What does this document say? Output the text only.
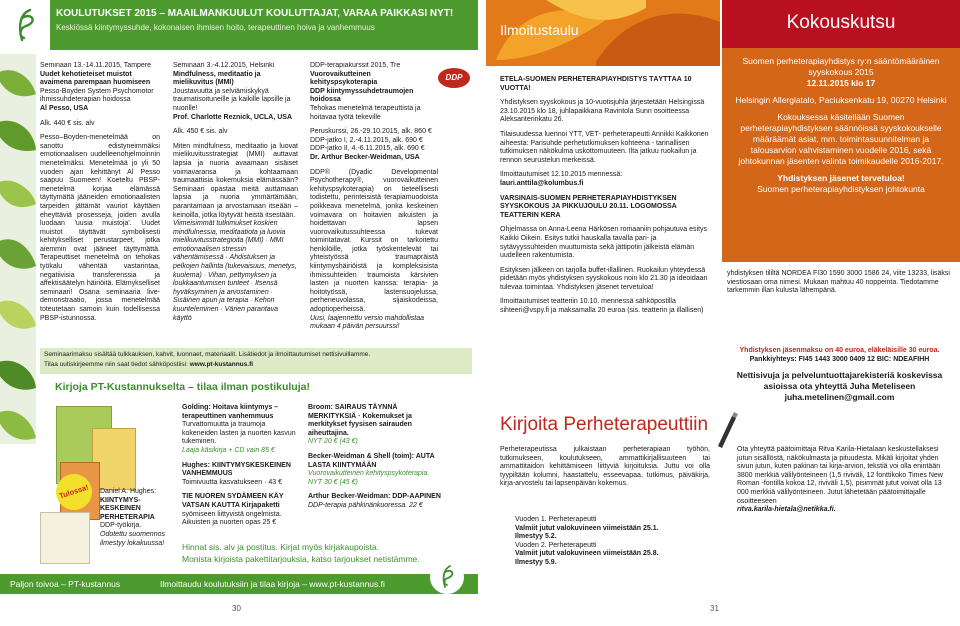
KOULUTUKSET 2015 – MAAILMANKUULUT KOULUTTAJAT, VARAA PAIKKASI NYT!
Keskiössä kiintymyssuhde, kokonaisen ihmisen hoito, terapeuttinen hoiva ja vanhemmuus
Seminaari 13.-14.11.2015, Tampere
Uudet kehotieteiset muistot avaimena parempaan huomiseen
Pesso-Boyden System Psychomotor ihmissuhdeterapian hoidossa
Al Pesso, USA
Alk. 440 € sis. alv
Pesso–Boyden-menetelmää on sanottu edistyneimmäksi emotionaalisen uudelleenohjelmoinnin menetelmäksi. Menetelmää jo yli 50 vuoden ajan kehittänyt Al Pesso saapuu Suomeen! Koeteltu PBSP-menetelmä korjaa elämässä täyttymättä jääneiden emotionaalisten tarpeiden jättämät vauriot käyttäen eheyttäviä prosesseja, joiden avulla luodaan 'uusia muistoja'. Uudet muistot täyttävät symbolisesti kehitykselliset perustarpeet, jotka aiemmin ovat jääneet täyttymättä. Terapeuttiset menetelmä on tehokas työkalu vähentää vastarintaa, negatiivisia transferenssia ja affektisäätelyn häiriöitä. Elämykselliset seminaari! Osana seminaaria live-demonstraatio, jossa menetelmää toteutetaan samoin kuin todellisessa PBSP-istunnossa.
Seminaari 3.-4.12.2015, Helsinki
Mindfulness, meditaatio ja mielikuvitus (MMI)
Joustavuutta ja selviämiskykyä traumatisoituneille ja kaikille lapsille ja nuorille!
Prof. Charlotte Reznick, UCLA, USA
Alk. 450 € sis. alv
Miten mindfulness, meditaatio ja luovat mielikuvitusstrategiat (MMI) auttavat lapsia ja nuoria avaamaan sisäiset voimavaransa ja kohtaamaan traumaattisia kokemuksia elämässään? Seminaari opastaa meitä auttamaan lapsia ja nuoria ymmärtämään, parantamaan ja arvostamaan itseään – keinoilla, jotka löytyvät heistä itsestään.
Viimeisimmät tutkimukset koskien mindfulnessia, meditaatiota ja luovia mielikuvitusstrategioita (MMI) · MMI emotionaalisen stressin vähentämisessä · Ahdistuksen ja pelkojen hallinta (tukevaisuus, menetys, kuolema) · Vihan, pettymyksen ja loukkaantumisen tunteet · Itsensä hyväksyminen ja arvostaminen · Sisäinen apuri ja terapia · Kehon kuunteleminen · Värien parantava käyttö
DDP-terapiakurssit 2015, Tre
Vuorovaikutteinen kehityspsykoterapia
DDP kiintymyssuhdetraumojen hoidossa
Tehokas menetelmä terapeuttista ja hoitavaa työtä tekeville
Peruskurssi, 26.-29.10.2015, alk. 860 €
DDP-jatko I, 2.-4.11.2015, alk. 690 €
DDP-jatko II, 4.-6.11.2015, alk. 690 €
Dr. Arthur Becker-Weidman, USA
DDP® (Dyadic Developmental Psychotherapy®, vuorovaikutteinen kehityspsykoterapia) on tieteellisesti todistettu, perinteisistä terapiamuodoista poikkeava menetelmä, jonka keskeinen voimavara on hoitavien aikuisten ja hoidettavan lapsen vuorovaikutussuhteessa tukevat toimintatavat. Kurssit on tarkoitettu henkilöille, jotka työskentelevät tai yhteistyössä traumapräistä kiintymyshäiriöistä ja kompleksisista ihmissuhteiden traumoista kärsivien lasten ja nuorten kanssa: terapia- ja hoitotyössä, lastensuojelussa, perheneuvolassa, sijaiskodeissa, adoptioperheissä.
Uusi, laajennettu versio mahdollistaa mukaan 4 päivän persuurssi!
DDP
Seminaarimaksu sisältää tulkkauksen, kahvit, luonnaet, materiaalit. Lisätiedot ja ilmoittautumiset nettisivuillamme.
Tilaa uutiskirjeemme niin saat tiedot sähköpostiisi: www.pt-kustannus.fi
Kirjoja PT-Kustannukselta – tilaa ilman postikuluja!
Tulossa!	Daniel A. Hughes:
KIINTYMYS-
KESKEINEN
PERHETERAPIA
DDP-työkirja.
Odotettu suomennos
ilmestyy lokakuussa!
Golding: Hoitava kiintymys – terapeuttinen vanhemmuus
Turvattomuutta ja traumoja kokeneiden lasten ja nuorten kasvun tukeminen.
Laaja käsikirja + CD vain 85 €
Hughes: KIINTYMYSKESKEINEN VANHEMMUUS
Toimivuutta kasvatukseen · 43 €
TIE NUOREN SYDÄMEEN KÄY VATSAN KAUTTA Kirjapaketti
syömiseen liittyvistä ongelmista. Aikuisten ja nuorten opas 25 €
Broom: SAIRAUS TÄYNNÄ MERKITYKSIÄ · Kokemukset ja merkitykset fyysisen sairauden aiheuttajina.
NYT 20 € (43 €)
Becker-Weidman & Shell (toim): AUTA LASTA KIINTYMÄÄN
Vuorovaikutteinen kehityspsykoterapia. NYT 30 € (45 €)
Arthur Becker-Weidman: DDP-AAPINEN
DDP-terapia pähkinänkuoressa. 22 €
Hinnat sis. alv ja postitus. Kirjat myös kirjakaupoista.
Monista kirjoista pakettitarjouksia, katso tarjoukset netistämme.
Paljon toivoa – PT-kustannus	Ilmoittaudu koulutuksiin ja tilaa kirjoja – www.pt-kustannus.fi
30
Ilmoitustaulu
ETELÄ-SUOMEN PERHETERAPIAYHDISTYS TÄYTTÄÄ 10 VUOTTA!
Yhdistyksen syyskokous ja 10-vuotisjuhla järjestetään Helsingissä 23.10.2015 klo 18, juhlapaikkana Ravintola Sunn osoitteessa Aleksanterinkatu 26.
Tilaisuudessa luennoi YTT, VET- perheterapeutti Annikki Kaikkonen aiheesta: Parisuhde perhetutkimuksen kohteena - tarinallisen tutkimuksen näkökulma uskottomuuteen. Ilta jatkuu ruokailun ja rennon seurustelun merkeissä.
Ilmoittautumiset 12.10.2015 mennessä:
lauri.anttila@kolumbus.fi
VARSINAIS-SUOMEN PERHETERAPIAYHDISTYKSEN SYYSKOKOUS JA PIKKUJOULU 20.11. LOGOMOSSA TEATTERIN KERA
Ohjelmassa on Anna-Leena Härkösen romaaniin pohjautuva esitys Kaikki Oikein. Esitys tutkii hauskalla tavalla pari- ja sytävyyssuhteiden muuttumista sekä jättipotin jälkeistä elämän uudelleen rakentumista.
Esityksen jälkeen on tarjolla buffet-illallinen. Ruokailun yhteydessä pidetään myös yhdistyksen syyskokous noin klo 21.30 ja ideoidaan tulevaa toimintaa. Yhdistyksen jäsenet tervetuloa!
Ilmoittautumiset teatteriin 10.10. mennessä sähköpostilla sihteeri@vspy.fi ja maksamalla 20 euroa (sis. teatterin ja illallisen)
Kokouskutsu
Suomen perheterapiayhdistys ry:n sääntömääräinen syyskokous 2015
12.11.2015 klo 17
Helsingin Allergiatalo, Paciuksenkatu 19, 00270 Helsinki
Kokouksessa käsitellään Suomen perheterapiayhdistyksen säännöissä syyskokoukselle määräämät asiat, mm. toimintasuunnitelman ja talousarvion vahvistaminen vuodelle 2016, sekä johtokunnan jäsenten valinta toimikaudelle 2016-2017.
Yhdistyksen jäsenet tervetuloa!
Suomen perheterapiayhdistyksen johtokunta
yhdistyksen tililtä NORDEA FI30 1590 3000 1586 24, viite 13233, lisäksi viestiosaan oma nimesi. Mukaan mahtuu 40 noppeinta. Tiedotamme tarkemmin illan kulusta lähempänä.
Yhdistyksen jäsenmaksu on 40 euroa, eläkeläisille 30 euroa.
Pankkiyhteys: FI45 1443 3000 0409 12 BIC: NDEAFIHH
Nettisivuja ja pelveluntuottajarekisteriä koskevissa asioissa ota yhteyttä Juha Meteliseen
juha.metelinen@gmail.com
Kirjoita Perheterapeuttiin
Perheterapeutissa julkaistaan perheterapiaan työhön, tutkimukseen, koulutukseen, ammattikirjallisuuteen tai ammattitaidon kehittämiseen liittyviä kirjoituksia. Juttu voi olla tyypiltään kolumni, haastattelu, esseevapaa, tutkimus, päiväkirja, kirja-arvostelu tai lapsenpäivän kokemus.
Vuoden 1. Perheterapeutti
Valmiit jutut valokuvineen viimeistään 25.1.
Ilmestyy 5.2.
Vuoden 2. Perheterapeutti
Valmiit jutut valokuvineen viimeistään 25.8.
Ilmestyy 5.9.
Ota yhteyttä päätoimittaja Ritva Karila-Hietalaan keskustellaksesi jutun sisällöstä, näkökulmasta ja pituudesta. Mikäli kirjoitat yhden sivun jutun, kuten pakinan tai kirja-arvion, tekstiä voi olla enintään 3800 merkkiä välilyönteineen (1,5 riviväli, 12 fonttikoko Times New Roman -fontilla kokoa 12, riviväli 1,5), pisimmät jutut voivat olla 13 000 merkkiä välilyönteineen. Jutut lähetetään päätoimittajalle osoitteeseen
ritva.karila-hietala@netikka.fi.
31
